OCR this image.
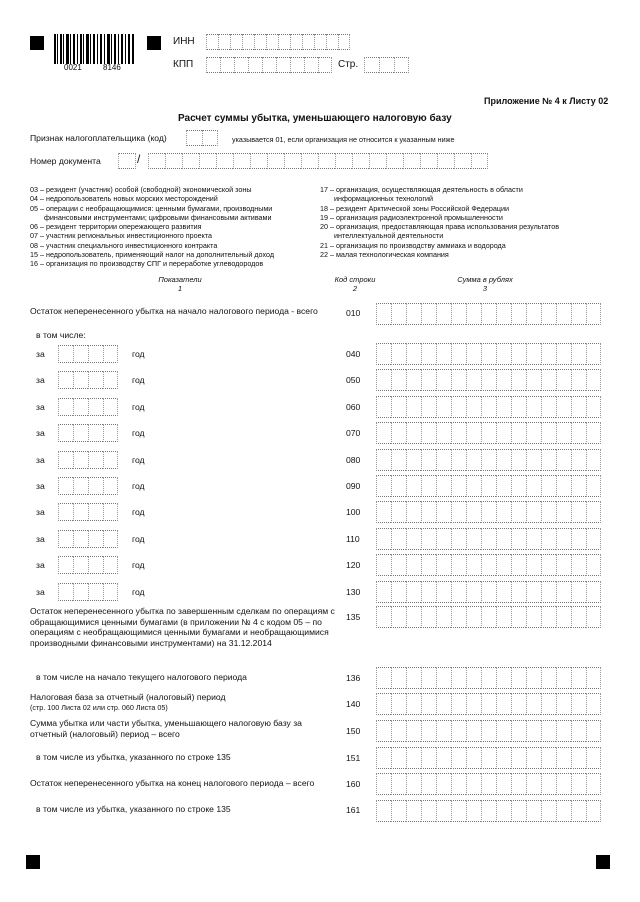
0021	8146
ИНН
КПП	Стр.
Приложение № 4 к Листу 02
Расчет суммы убытка, уменьшающего налоговую базу
Признак налогоплательщика (код)	указывается 01, если организация не относится к указанным ниже
Номер документа	/
03 – резидент (участник) особой (свободной) экономической зоны
04 – недропользователь новых морских месторождений
05 – операции с необращающимися: ценными бумагами, производными
финансовыми инструментами; цифровыми финансовыми активами
06 – резидент территории опережающего развития
07 – участник региональных инвестиционного проекта
08 – участник специального инвестиционного контракта
15 – недропользователь, применяющий налог на дополнительный доход
16 – организация по производству СПГ и переработке углеводородов
17 – организация, осуществляющая деятельность в области
информационных технологий
18 – резидент Арктической зоны Российской Федерации
19 – организация радиоэлектронной промышленности
20 – организация, предоставляющая права использования результатов
интеллектуальной деятельности
21 – организация по производству аммиака и водорода
22 – малая технологическая компания
Показатели
1
Код строки
2
Сумма в рублях
3
Остаток неперенесенного убытка на начало налогового периода - всего	010
в том числе:
за	год	040
за	год	050
за	год	060
за	год	070
за	год	080
за	год	090
за	год	100
за	год	110
за	год	120
за	год	130
Остаток неперенесенного убытка по завершенным сделкам по операциям с обращающимися ценными бумагами (в приложении № 4 с кодом 05 – по операциям с необращающимися ценными бумагами и необращающимися производными финансовыми инструментами) на 31.12.2014
135
в том числе на начало текущего налогового периода	136
Налоговая база за отчетный (налоговый) период
(стр. 100 Листа 02 или стр. 060 Листа 05)	140
Сумма убытка или части убытка, уменьшающего налоговую базу за отчетный (налоговый) период – всего	150
в том числе из убытка, указанного по строке 135	151
Остаток неперенесенного убытка на конец налогового периода – всего	160
в том числе из убытка, указанного по строке 135	161
